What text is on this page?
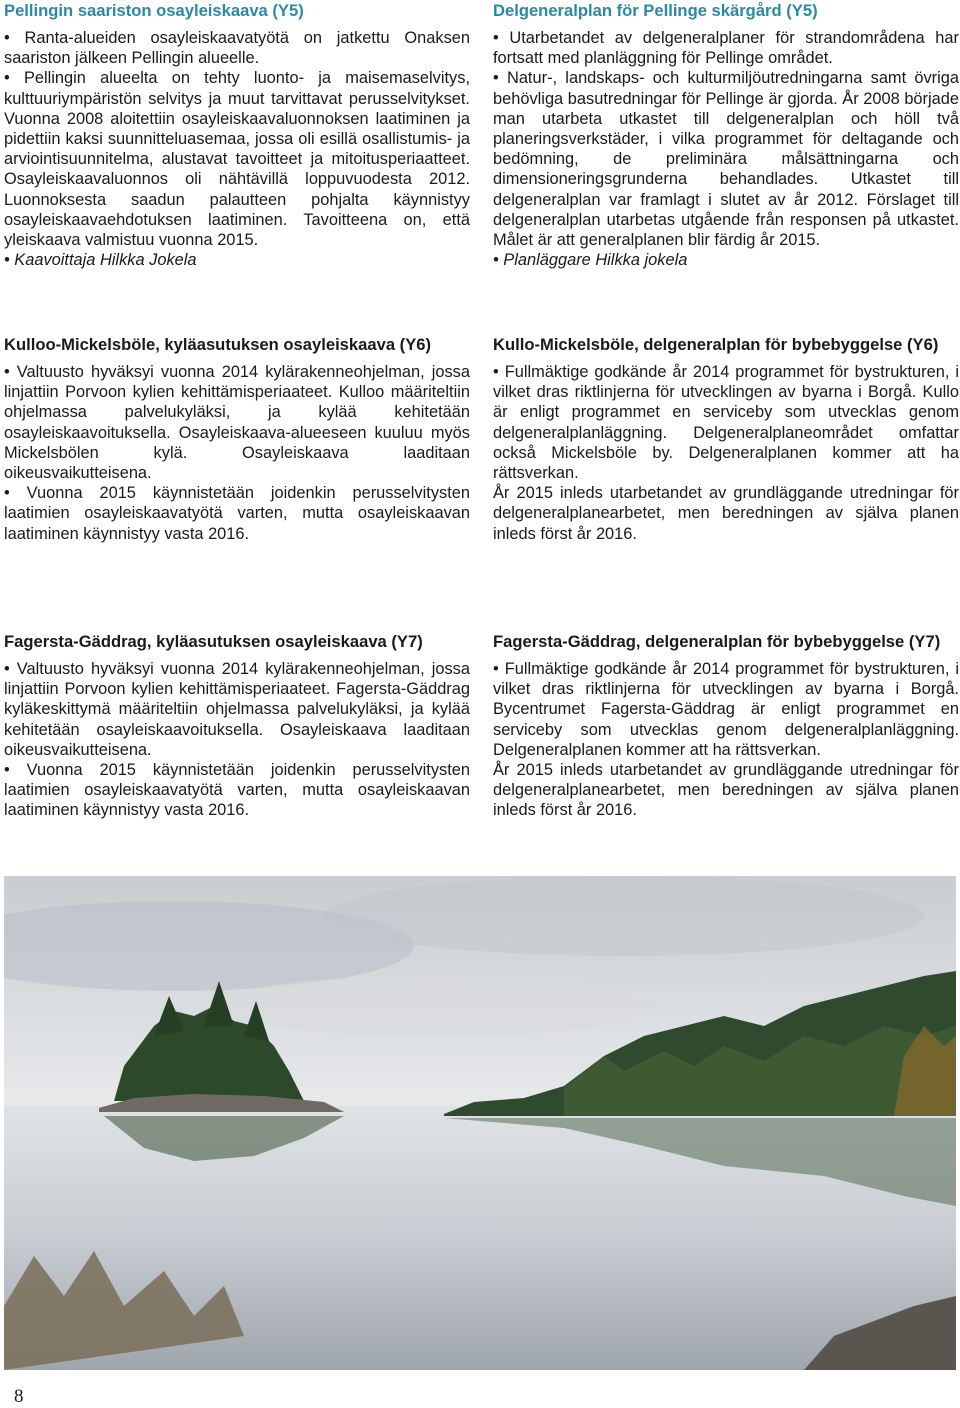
Pellingin saariston osayleiskaava (Y5)

• Ranta-alueiden osayleiskaavatyötä on jatkettu Onaksen saariston jälkeen Pellingin alueelle.

• Pellingin alueelta on tehty luonto- ja maisemaselvitys, kulttuuriympäristön selvitys ja muut tarvittavat perusselvitykset. Vuonna 2008 aloitettiin osayleiskaavaluonnoksen laatiminen ja pidettiin kaksi suunnitteluasemaa, jossa oli esillä osallistumis- ja arviointisuunnitelma, alustavat tavoitteet ja mitoitusperiaatteet. Osayleiskaavaluonnos oli nähtävillä loppuvuodesta 2012. Luonnoksesta saadun palautteen pohjalta käynnistyy osayleiskaavaehdotuksen laatiminen. Tavoitteena on, että yleiskaava valmistuu vuonna 2015.

• Kaavoittaja Hilkka Jokela

Delgeneralplan för Pellinge skärgård (Y5)

• Utarbetandet av delgeneralplaner för strandområdena har fortsatt med planläggning för Pellinge området.

• Natur-, landskaps- och kulturmiljöutredningarna samt övriga behövliga basutredningar för Pellinge är gjorda. År 2008 började man utarbeta utkastet till delgeneralplan och höll två planeringsverkstäder, i vilka programmet för deltagande och bedömning, de preliminära målsättningarna och dimensioneringsgrunderna behandlades. Utkastet till delgeneralplan var framlagt i slutet av år 2012. Förslaget till delgeneralplan utarbetas utgående från responsen på utkastet. Målet är att generalplanen blir färdig år 2015.

• Planläggare Hilkka jokela

Kulloo-Mickelsböle, kyläasutuksen osayleiskaava (Y6)

• Valtuusto hyväksyi vuonna 2014 kylärakenneohjelman, jossa linjattiin Porvoon kylien kehittämisperiaateet. Kulloo määriteltiin ohjelmassa palvelukyläksi, ja kylää kehitetään osayleiskaavoituksella. Osayleiskaava-alueeseen kuuluu myös Mickelsbölen kylä. Osayleiskaava laaditaan oikeusvaikutteisena.

• Vuonna 2015 käynnistetään joidenkin perusselvitysten laatimien osayleiskaavatyötä varten, mutta osayleiskaavan laatiminen käynnistyy vasta 2016.

Kullo-Mickelsböle, delgeneralplan för bybebyggelse (Y6)

• Fullmäktige godkände år 2014 programmet för bystrukturen, i vilket dras riktlinjerna för utvecklingen av byarna i Borgå. Kullo är enligt programmet en serviceby som utvecklas genom delgeneralplanläggning. Delgeneralplaneområdet omfattar också Mickelsböle by. Delgeneralplanen kommer att ha rättsverkan.

År 2015 inleds utarbetandet av grundläggande utredningar för delgeneralplanearbetet, men beredningen av själva planen inleds först år 2016.

Fagersta-Gäddrag, kyläasutuksen osayleiskaava (Y7)

• Valtuusto hyväksyi vuonna 2014 kylärakenneohjelman, jossa linjattiin Porvoon kylien kehittämisperiaateet. Fagersta-Gäddrag kyläkeskittymä määriteltiin ohjelmassa palvelukyläksi, ja kylää kehitetään osayleiskaavoituksella. Osayleiskaava laaditaan oikeusvaikutteisena.

• Vuonna 2015 käynnistetään joidenkin perusselvitysten laatimien osayleiskaavatyötä varten, mutta osayleiskaavan laatiminen käynnistyy vasta 2016.

Fagersta-Gäddrag, delgeneralplan för bybebyggelse (Y7)

• Fullmäktige godkände år 2014 programmet för bystrukturen, i vilket dras riktlinjerna för utvecklingen av byarna i Borgå. Bycentrumet Fagersta-Gäddrag är enligt programmet en serviceby som utvecklas genom delgeneralplanläggning. Delgeneralplanen kommer att ha rättsverkan.

År 2015 inleds utarbetandet av grundläggande utredningar för delgeneralplanearbetet, men beredningen av själva planen inleds först år 2016.

8
